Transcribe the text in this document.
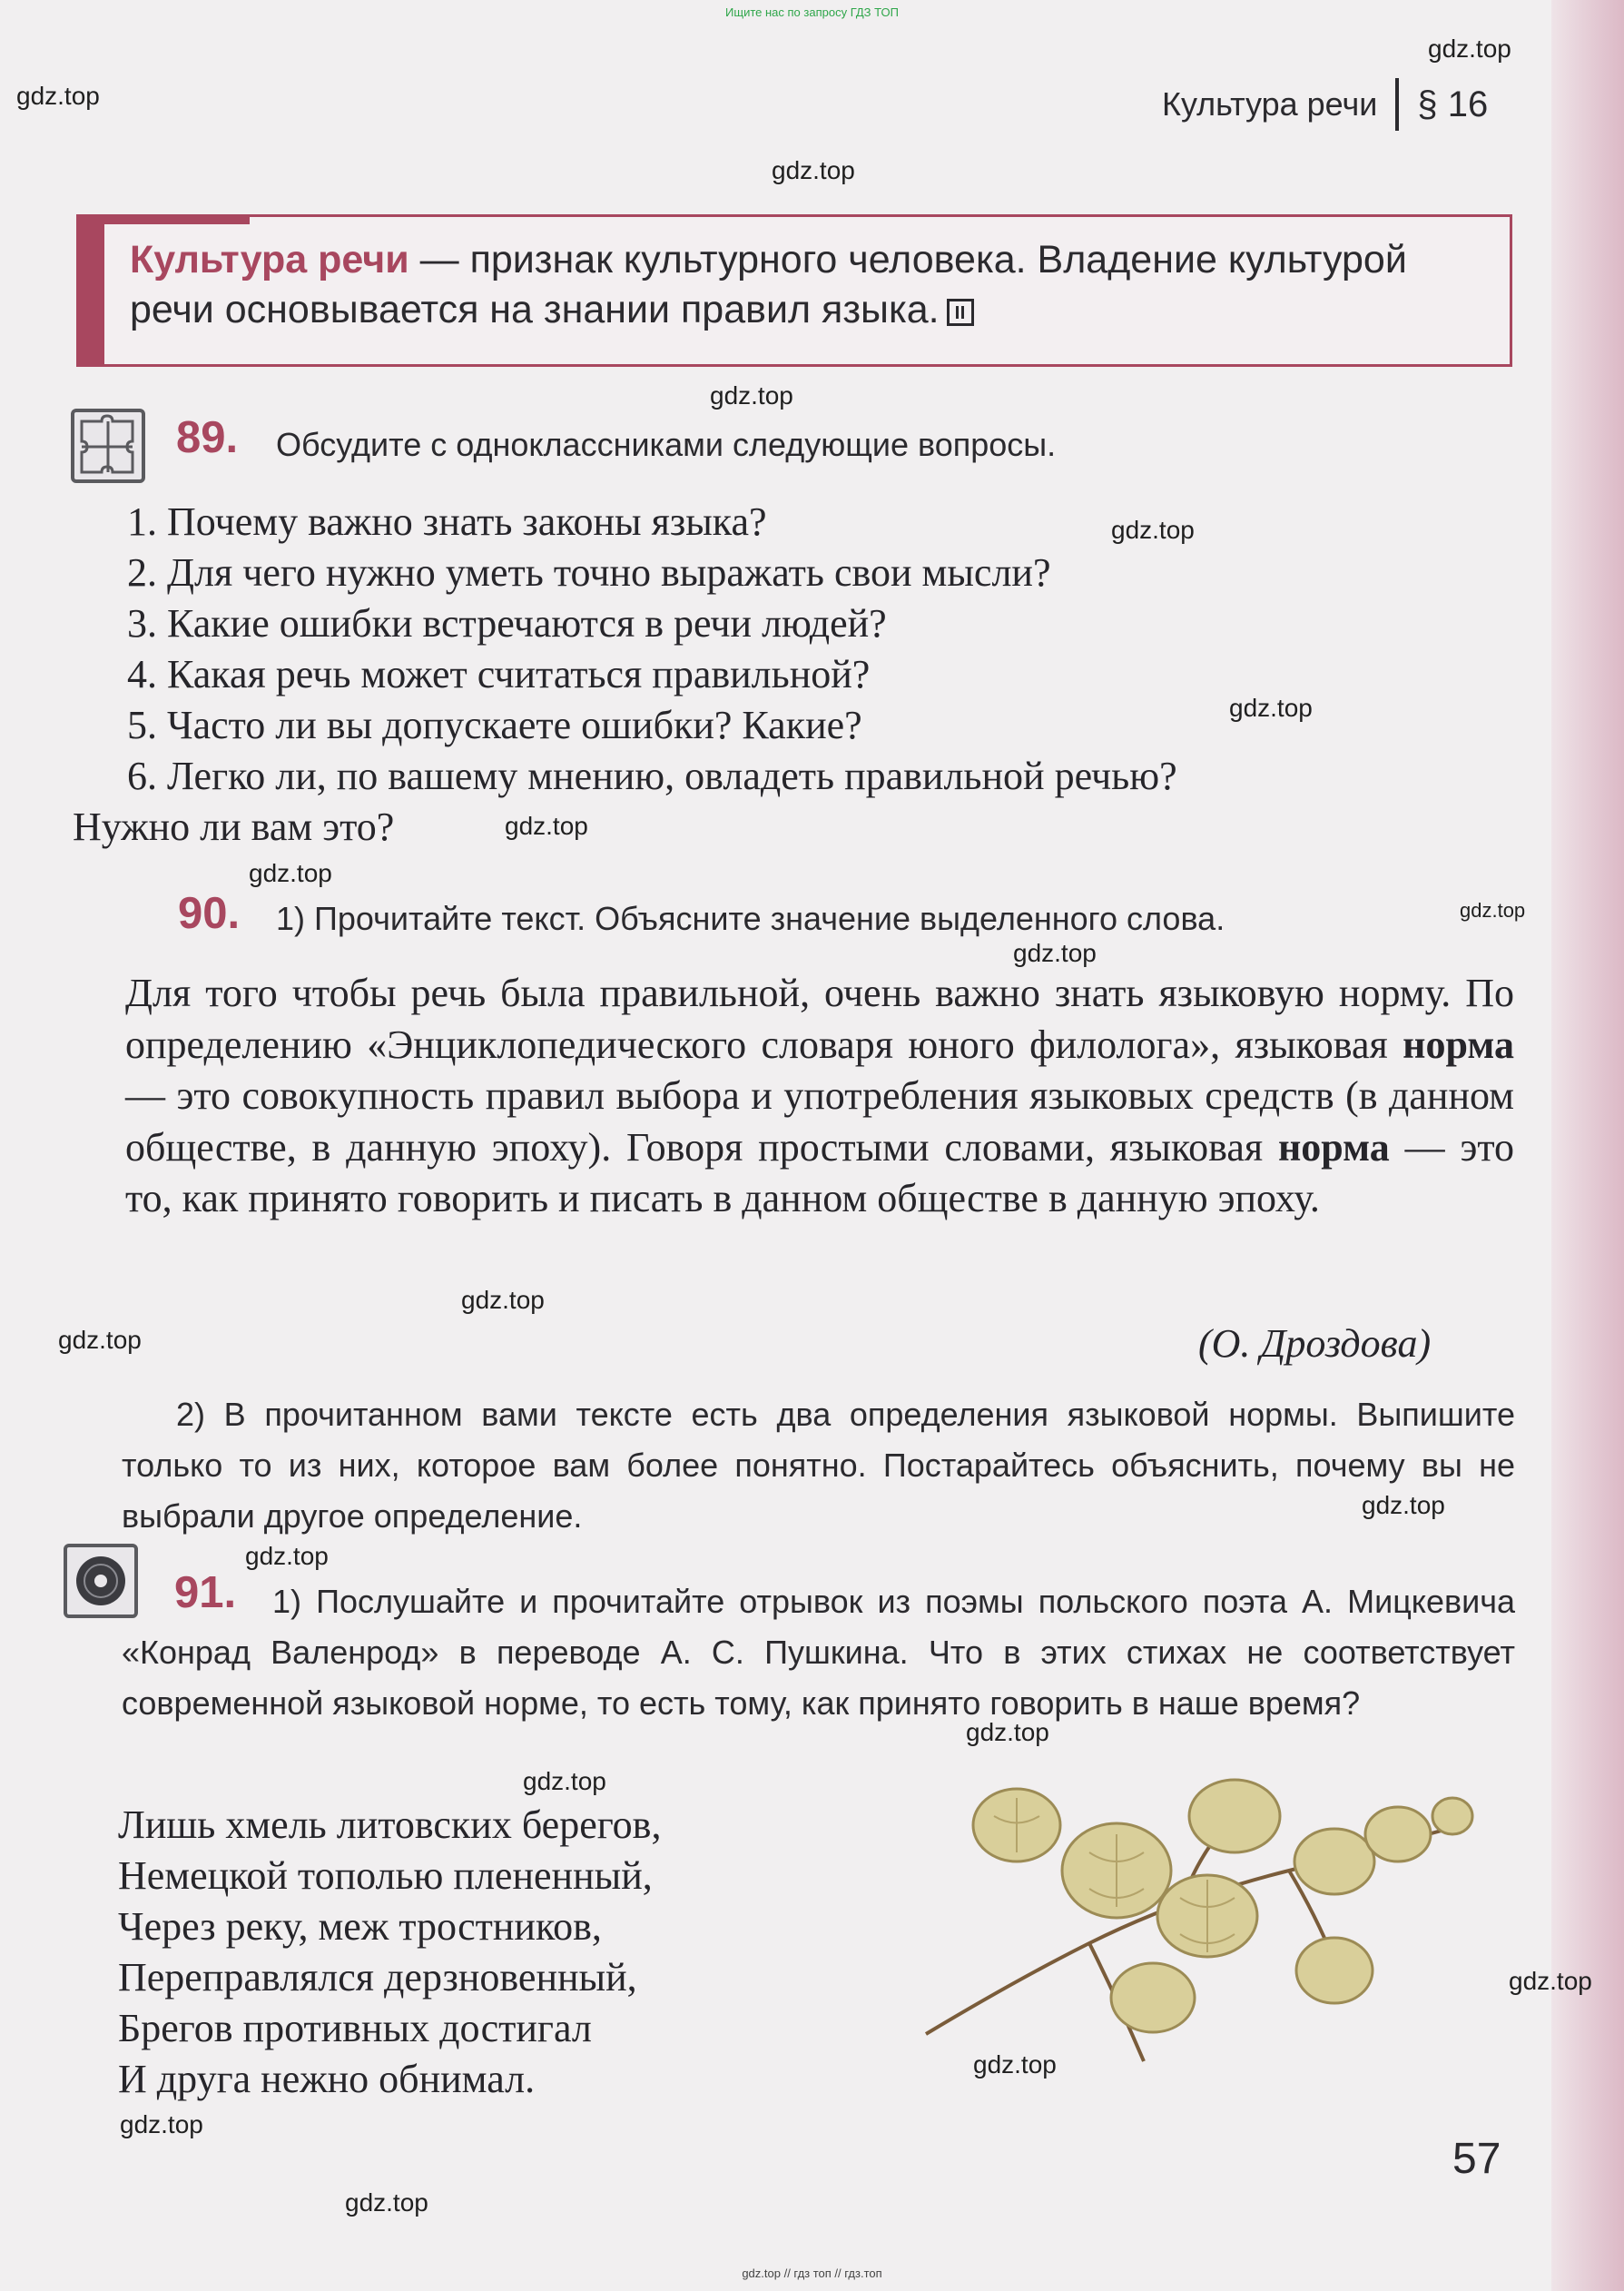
Ищите нас по запросу ГДЗ ТОП
gdz.top // гдз топ // гдз.топ
gdz.top
gdz.top
gdz.top
gdz.top
gdz.top
gdz.top
gdz.top
gdz.top
gdz.top
gdz.top
gdz.top
gdz.top
gdz.top
gdz.top
gdz.top
gdz.top
gdz.top
gdz.top
gdz.top
gdz.top
Культура речи § 16
Культура речи — признак культурного человека. Владение культурой речи основывается на знании правил языка.
89. Обсудите с одноклассниками следующие вопросы.
1. Почему важно знать законы языка?
2. Для чего нужно уметь точно выражать свои мысли?
3. Какие ошибки встречаются в речи людей?
4. Какая речь может считаться правильной?
5. Часто ли вы допускаете ошибки? Какие?
6. Легко ли, по вашему мнению, овладеть правильной речью?
Нужно ли вам это?
90. 1) Прочитайте текст. Объясните значение выделенного слова.
Для того чтобы речь была правильной, очень важно знать языковую норму. По определению «Энциклопедического словаря юного филолога», языковая норма — это совокупность правил выбора и употребления языковых средств (в данном обществе, в данную эпоху). Говоря простыми словами, языковая норма — это то, как принято говорить и писать в данном обществе в данную эпоху.
(О. Дроздова)
2) В прочитанном вами тексте есть два определения языковой нормы. Выпишите только то из них, которое вам более понятно. Постарайтесь объяснить, почему вы не выбрали другое определение.
91.	1) Послушайте и прочитайте отрывок из поэмы польского поэта А. Мицкевича «Конрад Валенрод» в переводе А. С. Пушкина. Что в этих стихах не соответствует современной языковой норме, то есть тому, как принято говорить в наше время?
Лишь хмель литовских берегов,
Немецкой тополью плененный,
Через реку, меж тростников,
Переправлялся дерзновенный,
Брегов противных достигал
И друга нежно обнимал.
57
